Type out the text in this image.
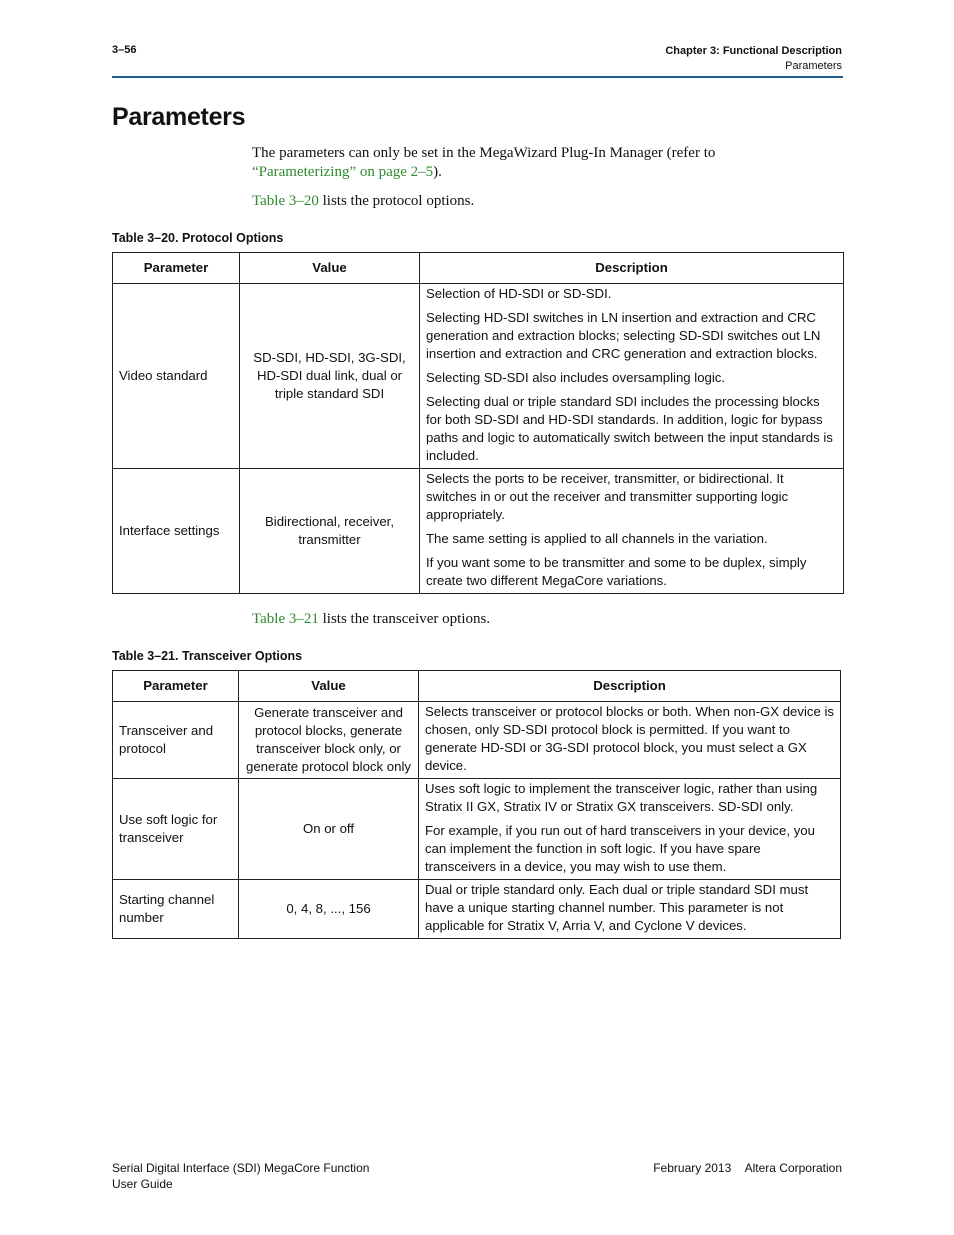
3–56	Chapter 3: Functional Description
Parameters
Parameters
The parameters can only be set in the MegaWizard Plug-In Manager (refer to “Parameterizing” on page 2–5).
Table 3–20 lists the protocol options.
Table 3–20. Protocol Options
Parameter	Value	Description
Video standard	SD-SDI, HD-SDI, 3G-SDI, HD-SDI dual link, dual or triple standard SDI	Selection of HD-SDI or SD-SDI.

Selecting HD-SDI switches in LN insertion and extraction and CRC generation and extraction blocks; selecting SD-SDI switches out LN insertion and extraction and CRC generation and extraction blocks.

Selecting SD-SDI also includes oversampling logic.

Selecting dual or triple standard SDI includes the processing blocks for both SD-SDI and HD-SDI standards. In addition, logic for bypass paths and logic to automatically switch between the input standards is included.

Interface settings	Bidirectional, receiver, transmitter	Selects the ports to be receiver, transmitter, or bidirectional. It switches in or out the receiver and transmitter supporting logic appropriately.

The same setting is applied to all channels in the variation.

If you want some to be transmitter and some to be duplex, simply create two different MegaCore variations.

Table 3–21 lists the transceiver options.
Table 3–21. Transceiver Options
Parameter	Value	Description
Transceiver and protocol	Generate transceiver and protocol blocks, generate transceiver block only, or generate protocol block only	Selects transceiver or protocol blocks or both. When non-GX device is chosen, only SD-SDI protocol block is permitted. If you want to generate HD-SDI or 3G-SDI protocol block, you must select a GX device.

Use soft logic for transceiver	On or off	Uses soft logic to implement the transceiver logic, rather than using Stratix II GX, Stratix IV or Stratix GX transceivers. SD-SDI only.

For example, if you run out of hard transceivers in your device, you can implement the function in soft logic. If you have spare transceivers in a device, you may wish to use them.

Starting channel number	0, 4, 8, ..., 156	Dual or triple standard only. Each dual or triple standard SDI must have a unique starting channel number. This parameter is not applicable for Stratix V, Arria V, and Cyclone V devices.

Serial Digital Interface (SDI) MegaCore Function
User Guide
February 2013 Altera Corporation
